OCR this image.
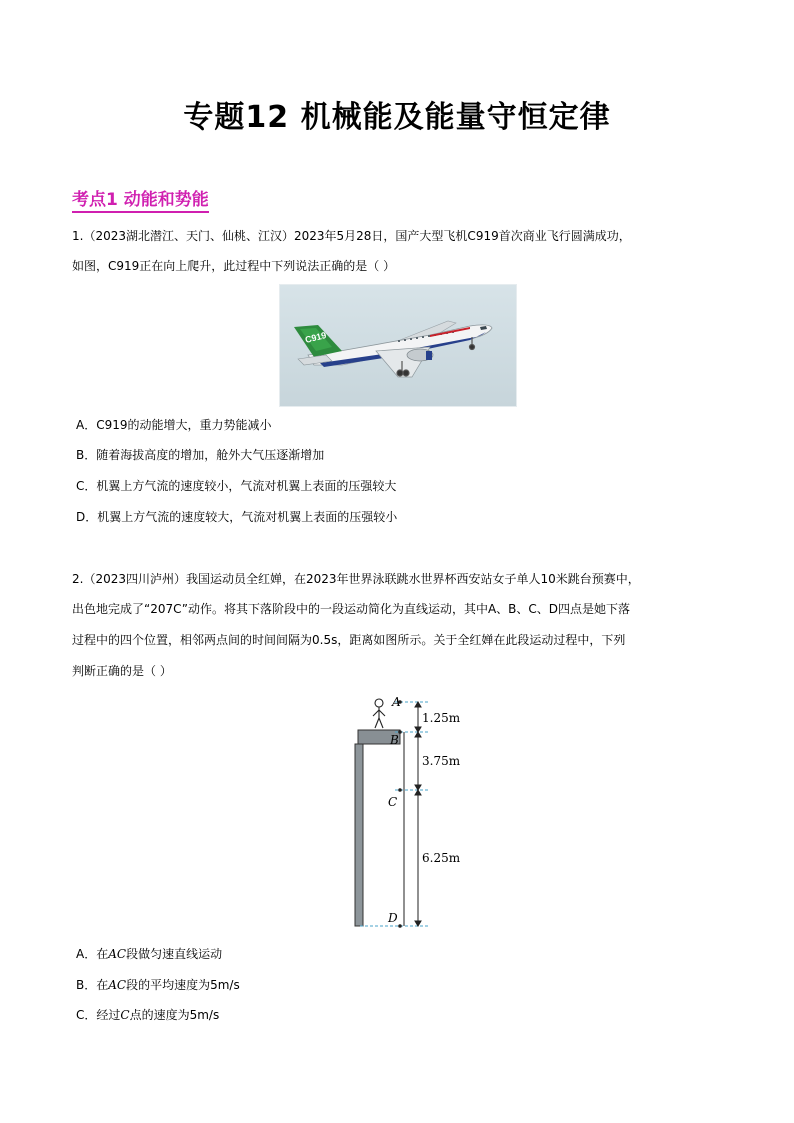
专题12 机械能及能量守恒定律
考点1 动能和势能
1.（2023湖北潜江、天门、仙桃、江汉）2023年5月28日，国产大型飞机C919首次商业飞行圆满成功，
如图，C919正在向上爬升，此过程中下列说法正确的是（ ）
C919
A．C919的动能增大，重力势能减小
B．随着海拔高度的增加，舱外大气压逐渐增加
C．机翼上方气流的速度较小，气流对机翼上表面的压强较大
D．机翼上方气流的速度较大，气流对机翼上表面的压强较小
2.（2023四川泸州）我国运动员全红婵，在2023年世界泳联跳水世界杯西安站女子单人10米跳台预赛中，
出色地完成了“207C”动作。将其下落阶段中的一段运动简化为直线运动，其中A、B、C、D四点是她下落
过程中的四个位置，相邻两点间的时间间隔为0.5s，距离如图所示。关于全红婵在此段运动过程中，下列
判断正确的是（ ）
A
B
C
D
1.25m
3.75m
6.25m
A．在AC段做匀速直线运动
B．在AC段的平均速度为5m/s
C．经过C点的速度为5m/s
